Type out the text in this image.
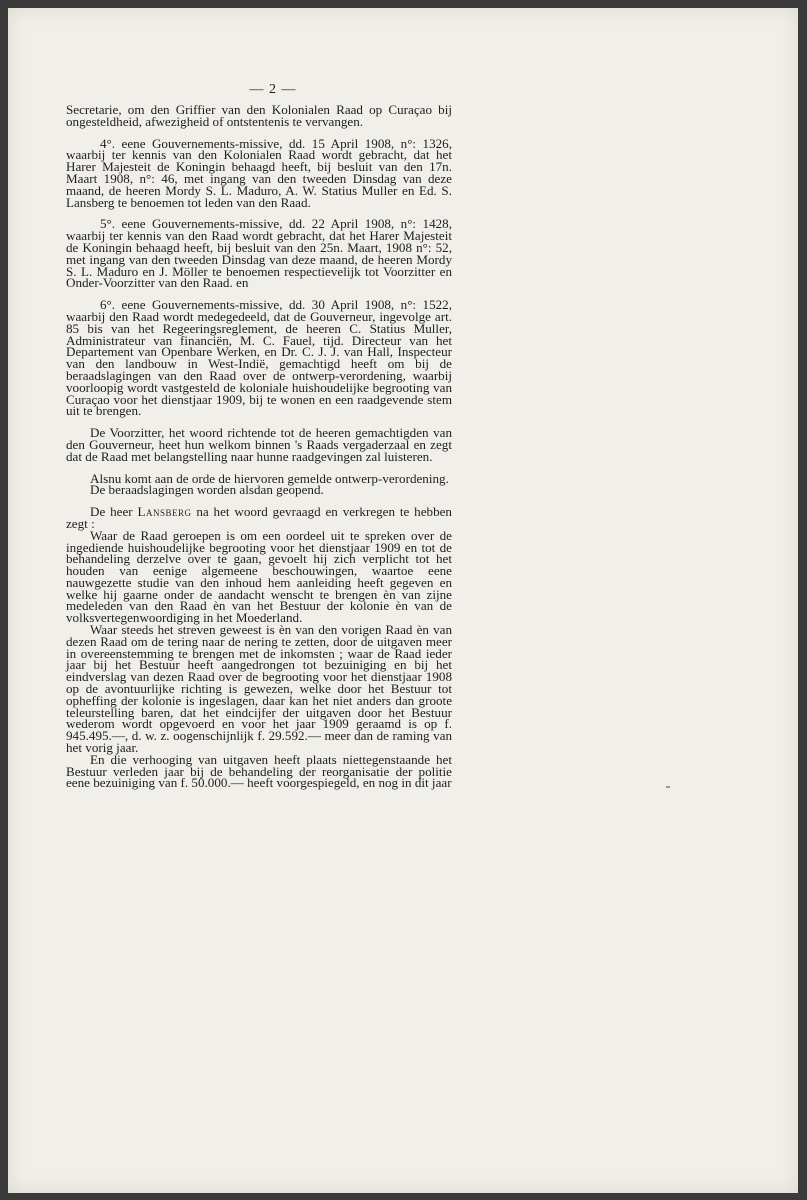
— 2 —

Secretarie, om den Griffier van den Kolonialen Raad op Curaçao bij ongesteldheid, afwezigheid of ontstentenis te vervangen.

4°. eene Gouvernements-missive, dd. 15 April 1908, n°: 1326, waarbij ter kennis van den Kolonialen Raad wordt gebracht, dat het Harer Majesteit de Koningin behaagd heeft, bij besluit van den 17n. Maart 1908, n°: 46, met ingang van den tweeden Dinsdag van deze maand, de heeren Mordy S. L. Maduro, A. W. Statius Muller en Ed. S. Lansberg te benoemen tot leden van den Raad.

5°. eene Gouvernements-missive, dd. 22 April 1908, n°: 1428, waarbij ter kennis van den Raad wordt gebracht, dat het Harer Majesteit de Koningin behaagd heeft, bij besluit van den 25n. Maart, 1908 n°: 52, met ingang van den tweeden Dinsdag van deze maand, de heeren Mordy S. L. Maduro en J. Möller te benoemen respectievelijk tot Voorzitter en Onder-Voorzitter van den Raad. en

6°. eene Gouvernements-missive, dd. 30 April 1908, n°: 1522, waarbij den Raad wordt medegedeeld, dat de Gouverneur, ingevolge art. 85 bis van het Regeeringsreglement, de heeren C. Statius Muller, Administrateur van financiën, M. C. Fauel, tijd. Directeur van het Departement van Openbare Werken, en Dr. C. J. J. van Hall, Inspecteur van den landbouw in West-Indië, gemachtigd heeft om bij de beraadslagingen van den Raad over de ontwerp-verordening, waarbij voorloopig wordt vastgesteld de koloniale huishoudelijke begrooting van Curaçao voor het dienstjaar 1909, bij te wonen en een raadgevende stem uit te brengen.

De Voorzitter, het woord richtende tot de heeren gemachtigden van den Gouverneur, heet hun welkom binnen 's Raads vergaderzaal en zegt dat de Raad met belangstelling naar hunne raadgevingen zal luisteren.

Alsnu komt aan de orde de hiervoren gemelde ontwerp-verordening.

De beraadslagingen worden alsdan geopend.

De heer Lansberg na het woord gevraagd en verkregen te hebben zegt :

Waar de Raad geroepen is om een oordeel uit te spreken over de ingediende huishoudelijke begrooting voor het dienstjaar 1909 en tot de behandeling derzelve over te gaan, gevoelt hij zich verplicht tot het houden van eenige algemeene beschouwingen, waartoe eene nauwgezette studie van den inhoud hem aanleiding heeft gegeven en welke hij gaarne onder de aandacht wenscht te brengen èn van zijne medeleden van den Raad èn van het Bestuur der kolonie èn van de volksvertegenwoordiging in het Moederland.

Waar steeds het streven geweest is èn van den vorigen Raad èn van dezen Raad om de tering naar de nering te zetten, door de uitgaven meer in overeenstemming te brengen met de inkomsten ; waar de Raad ieder jaar bij het Bestuur heeft aangedrongen tot bezuiniging en bij het eindverslag van dezen Raad over de begrooting voor het dienstjaar 1908 op de avontuurlijke richting is gewezen, welke door het Bestuur tot opheffing der kolonie is ingeslagen, daar kan het niet anders dan groote teleurstelling baren, dat het eindcijfer der uitgaven door het Bestuur wederom wordt opgevoerd en voor het jaar 1909 geraamd is op f. 945.495.—, d. w. z. oogenschijnlijk f. 29.592.— meer dan de raming van het vorig jaar.

En die verhooging van uitgaven heeft plaats niettegenstaande het Bestuur verleden jaar bij de behandeling der reorganisatie der politie eene bezuiniging van f. 50.000.— heeft voorgespiegeld, en nog in dit jaar
